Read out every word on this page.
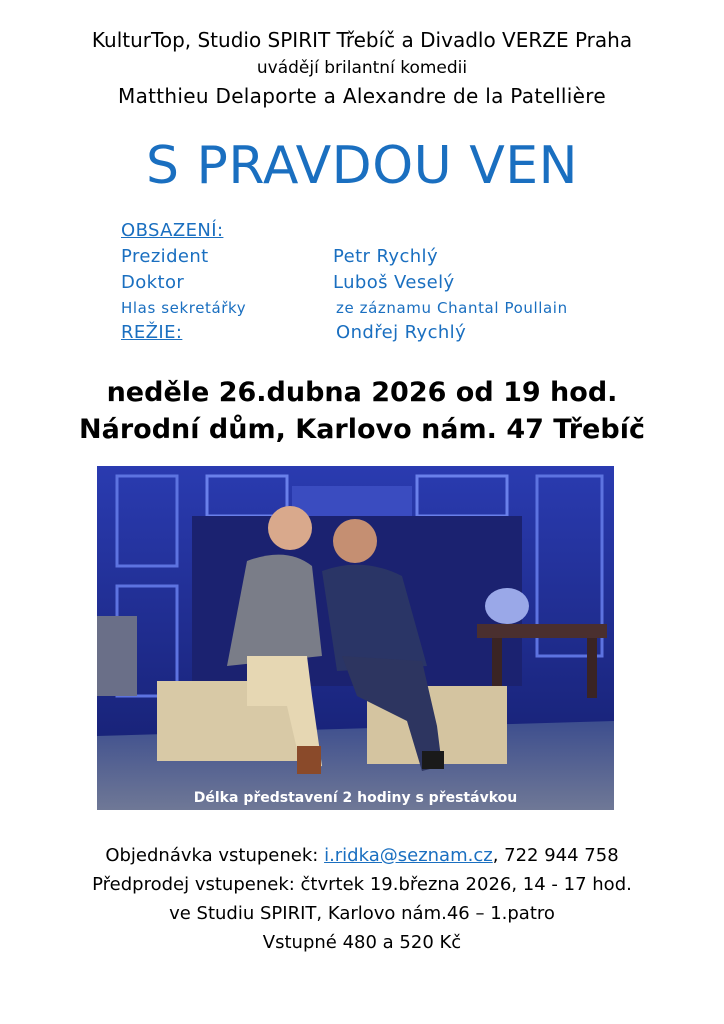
KulturTop, Studio SPIRIT Třebíč a Divadlo VERZE Praha
uvádějí brilantní komedii
Matthieu Delaporte a Alexandre de la Patellière
S PRAVDOU VEN
OBSAZENÍ:
Prezident	Petr Rychlý
Doktor	Luboš Veselý
Hlas sekretářky	ze záznamu Chantal Poullain
REŽIE:	Ondřej Rychlý
neděle 26.dubna 2026 od 19 hod.
Národní dům, Karlovo nám. 47 Třebíč
Délka představení 2 hodiny s přestávkou
Objednávka vstupenek: i.ridka@seznam.cz, 722 944 758
Předprodej vstupenek: čtvrtek 19.března 2026, 14 - 17 hod.
ve Studiu SPIRIT, Karlovo nám.46 – 1.patro
Vstupné 480 a 520 Kč
